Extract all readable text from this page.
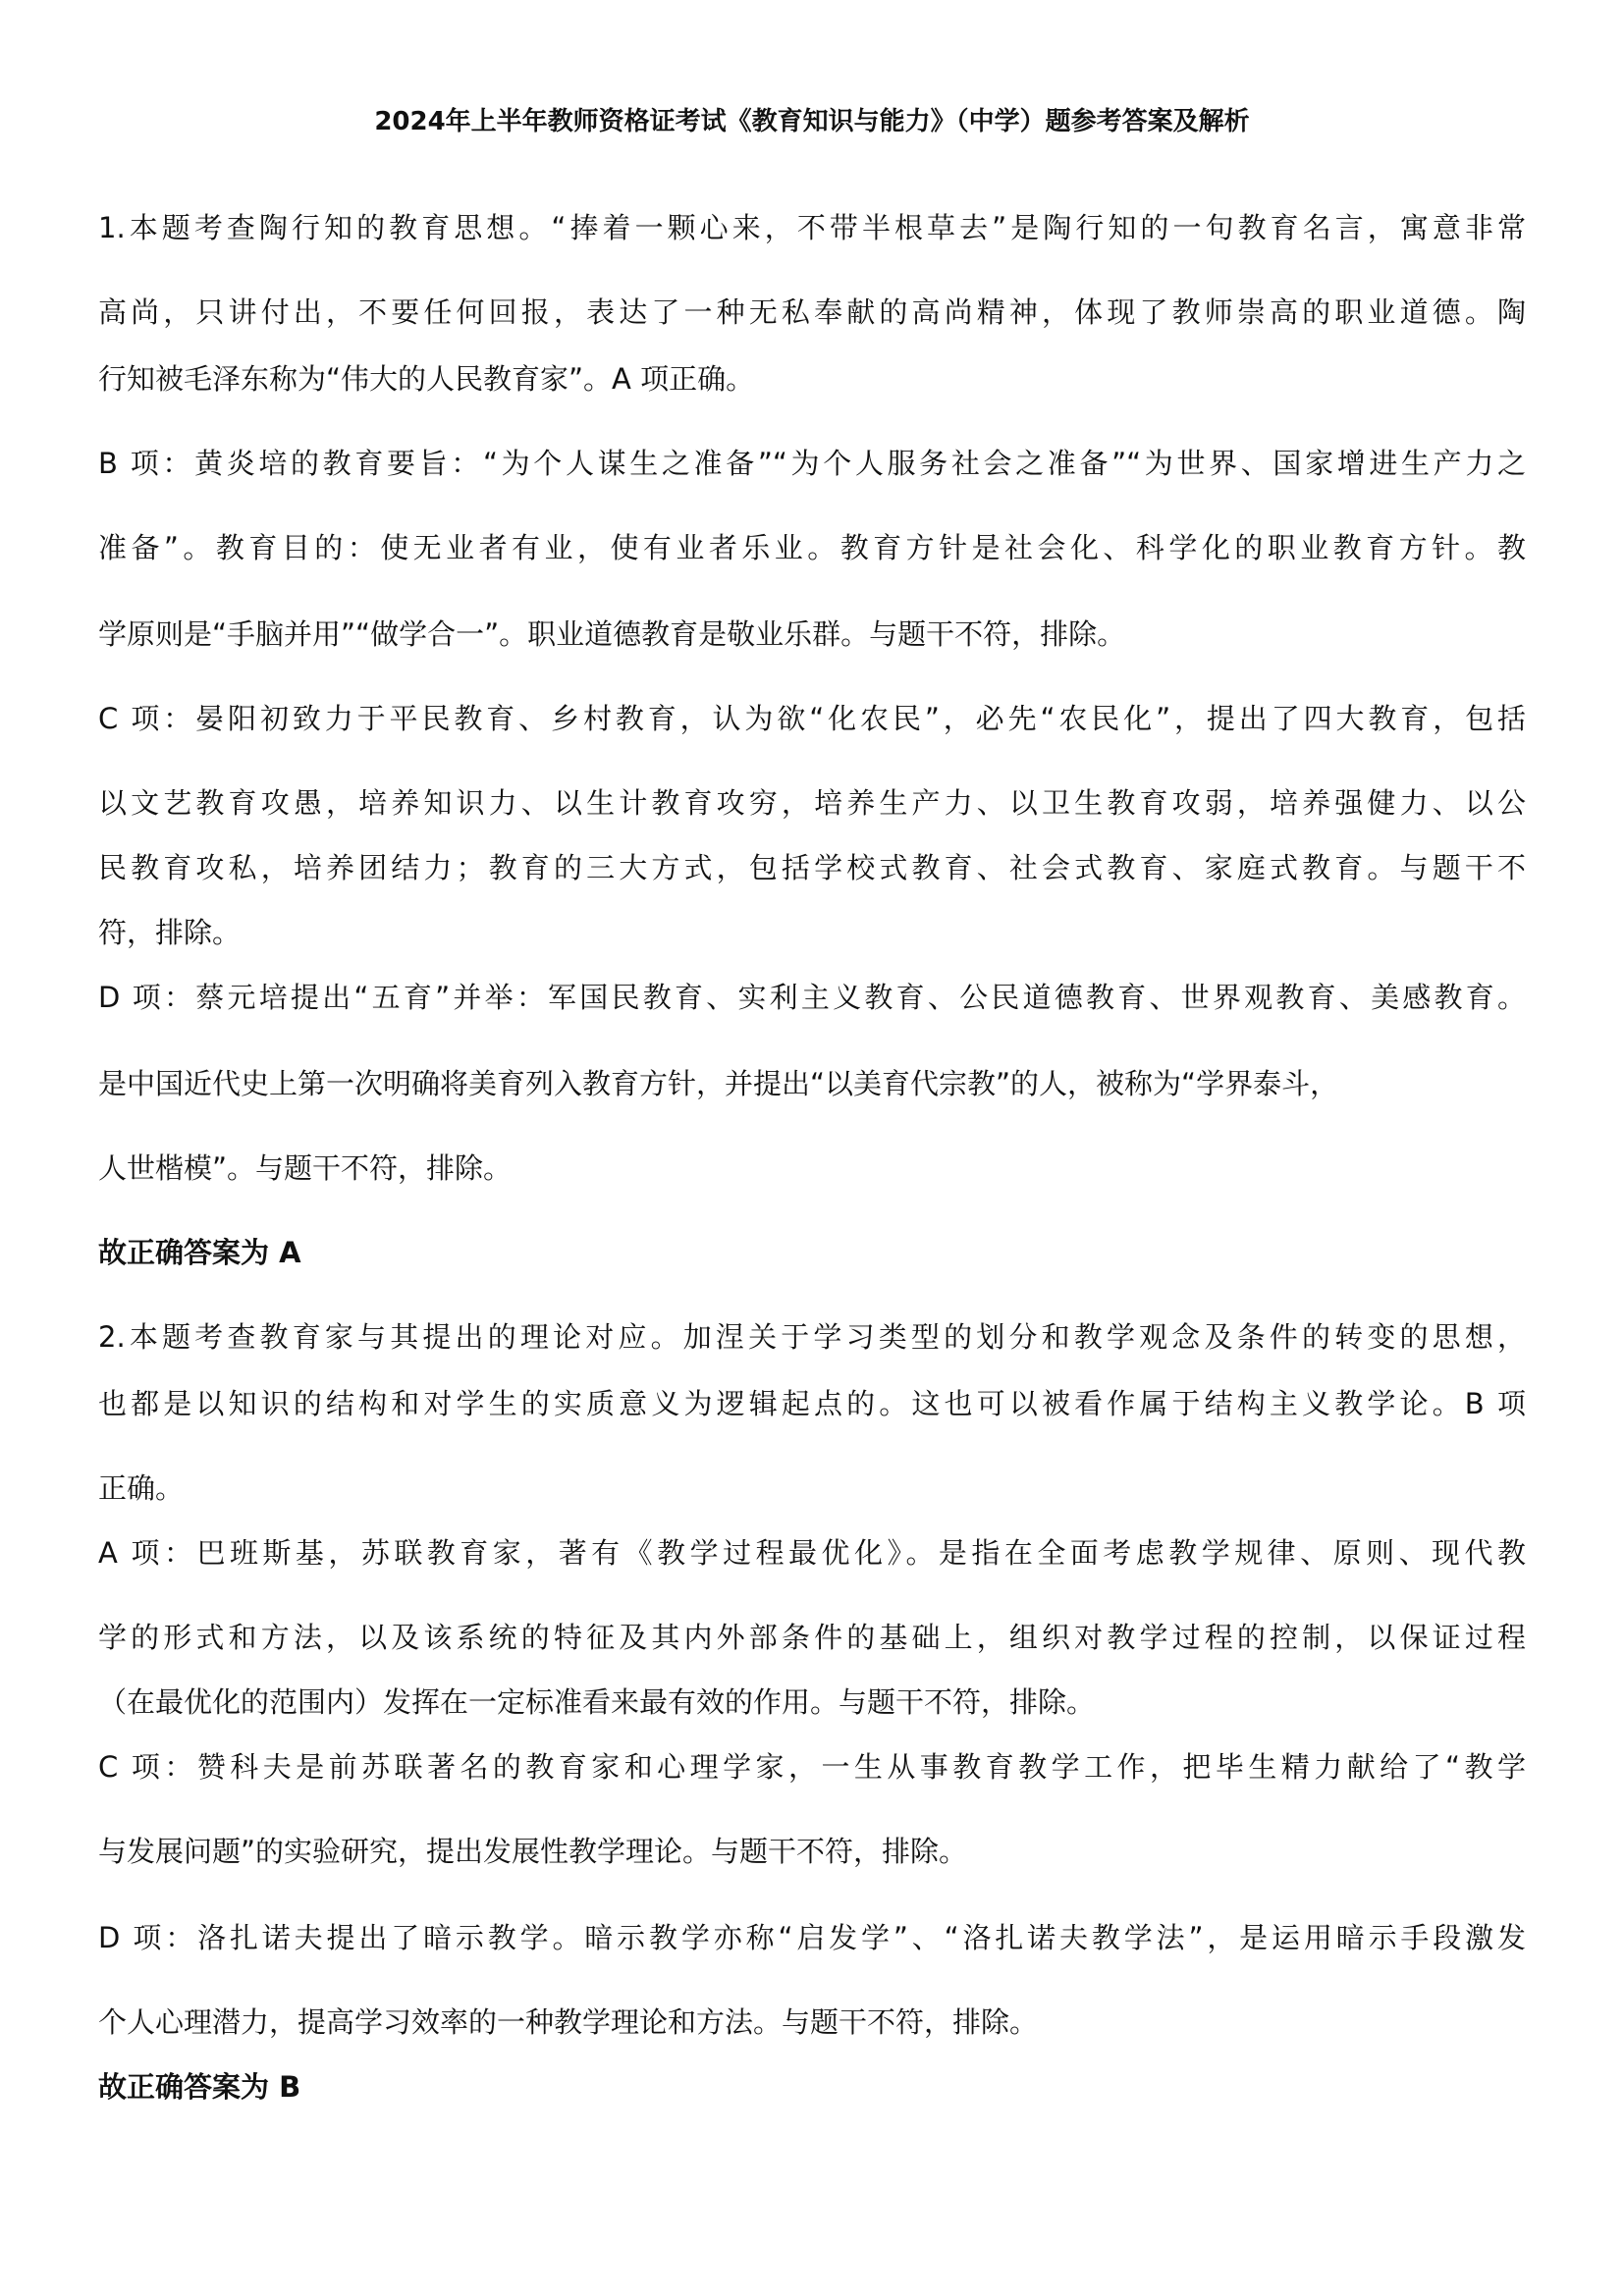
2024年上半年教师资格证考试《教育知识与能力》（中学）题参考答案及解析
1.本题考查陶行知的教育思想。“捧着一颗心来，不带半根草去”是陶行知的一句教育名言，寓意非常
高尚，只讲付出，不要任何回报，表达了一种无私奉献的高尚精神，体现了教师崇高的职业道德。陶
行知被毛泽东称为“伟大的人民教育家”。A 项正确。
B 项：黄炎培的教育要旨：“为个人谋生之准备”“为个人服务社会之准备”“为世界、国家增进生产力之
准备”。教育目的：使无业者有业，使有业者乐业。教育方针是社会化、科学化的职业教育方针。教
学原则是“手脑并用”“做学合一”。职业道德教育是敬业乐群。与题干不符，排除。
C 项：晏阳初致力于平民教育、乡村教育，认为欲“化农民”，必先“农民化”，提出了四大教育，包括
以文艺教育攻愚，培养知识力、以生计教育攻穷，培养生产力、以卫生教育攻弱，培养强健力、以公
民教育攻私，培养团结力；教育的三大方式，包括学校式教育、社会式教育、家庭式教育。与题干不
符，排除。
D 项：蔡元培提出“五育”并举：军国民教育、实利主义教育、公民道德教育、世界观教育、美感教育。
是中国近代史上第一次明确将美育列入教育方针，并提出“以美育代宗教”的人，被称为“学界泰斗，
人世楷模”。与题干不符，排除。
故正确答案为 A
2.本题考查教育家与其提出的理论对应。加涅关于学习类型的划分和教学观念及条件的转变的思想，
也都是以知识的结构和对学生的实质意义为逻辑起点的。这也可以被看作属于结构主义教学论。B 项
正确。
A 项：巴班斯基，苏联教育家，著有《教学过程最优化》。是指在全面考虑教学规律、原则、现代教
学的形式和方法，以及该系统的特征及其内外部条件的基础上，组织对教学过程的控制，以保证过程
（在最优化的范围内）发挥在一定标准看来最有效的作用。与题干不符，排除。
C 项：赞科夫是前苏联著名的教育家和心理学家，一生从事教育教学工作，把毕生精力献给了“教学
与发展问题”的实验研究，提出发展性教学理论。与题干不符，排除。
D 项：洛扎诺夫提出了暗示教学。暗示教学亦称“启发学”、“洛扎诺夫教学法”，是运用暗示手段激发
个人心理潜力，提高学习效率的一种教学理论和方法。与题干不符，排除。
故正确答案为 B
